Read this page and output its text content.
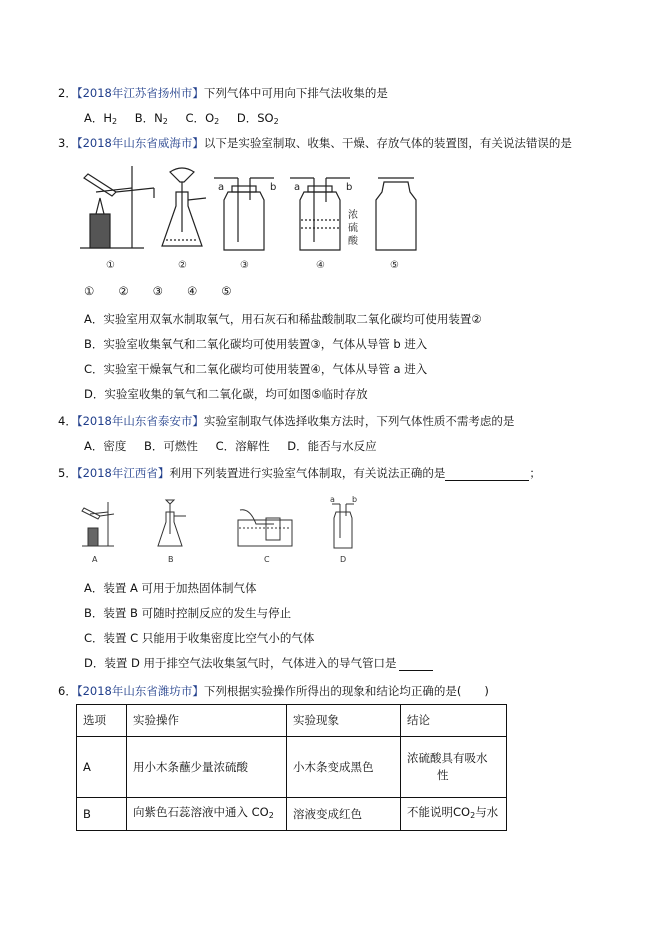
2．【2018年江苏省扬州市】下列气体中可用向下排气法收集的是
A．$H_2$ B．$N_2$ C．$O_2$ D．$SO_2$
3．【2018年山东省威海市】以下是实验室制取、收集、干燥、存放气体的装置图，有关说法错误的是
a	b a	b
浓
硫
酸
①	②	③	④	⑤
① ② ③ ④ ⑤
A．实验室用双氧水制取氧气，用石灰石和稀盐酸制取二氧化碳均可使用装置②
B．实验室收集氧气和二氧化碳均可使用装置③，气体从导管 b 进入
C．实验室干燥氧气和二氧化碳均可使用装置④，气体从导管 a 进入
D．实验室收集的氧气和二氧化碳，均可如图⑤临时存放
4．【2018年山东省泰安市】实验室制取气体选择收集方法时，下列气体性质不需考虑的是
A．密度 B．可燃性 C．溶解性 D．能否与水反应
5．【2018年江西省】利用下列装置进行实验室气体制取，有关说法正确的是	；
a b
A	B	C	D
A．装置 A 可用于加热固体制气体
B．装置 B 可随时控制反应的发生与停止
C．装置 C 只能用于收集密度比空气小的气体
D．装置 D 用于排空气法收集氢气时，气体进入的导气管口是
6．【2018年山东省潍坊市】下列根据实验操作所得出的现象和结论均正确的是(　　)
选项	实验操作	实验现象	结论
A	用小木条蘸少量浓硫酸	小木条变成黑色	浓硫酸具有吸水
性

B	向紫色石蕊溶液中通入 $CO_2$	溶液变成红色	不能说明$CO_2$与水
